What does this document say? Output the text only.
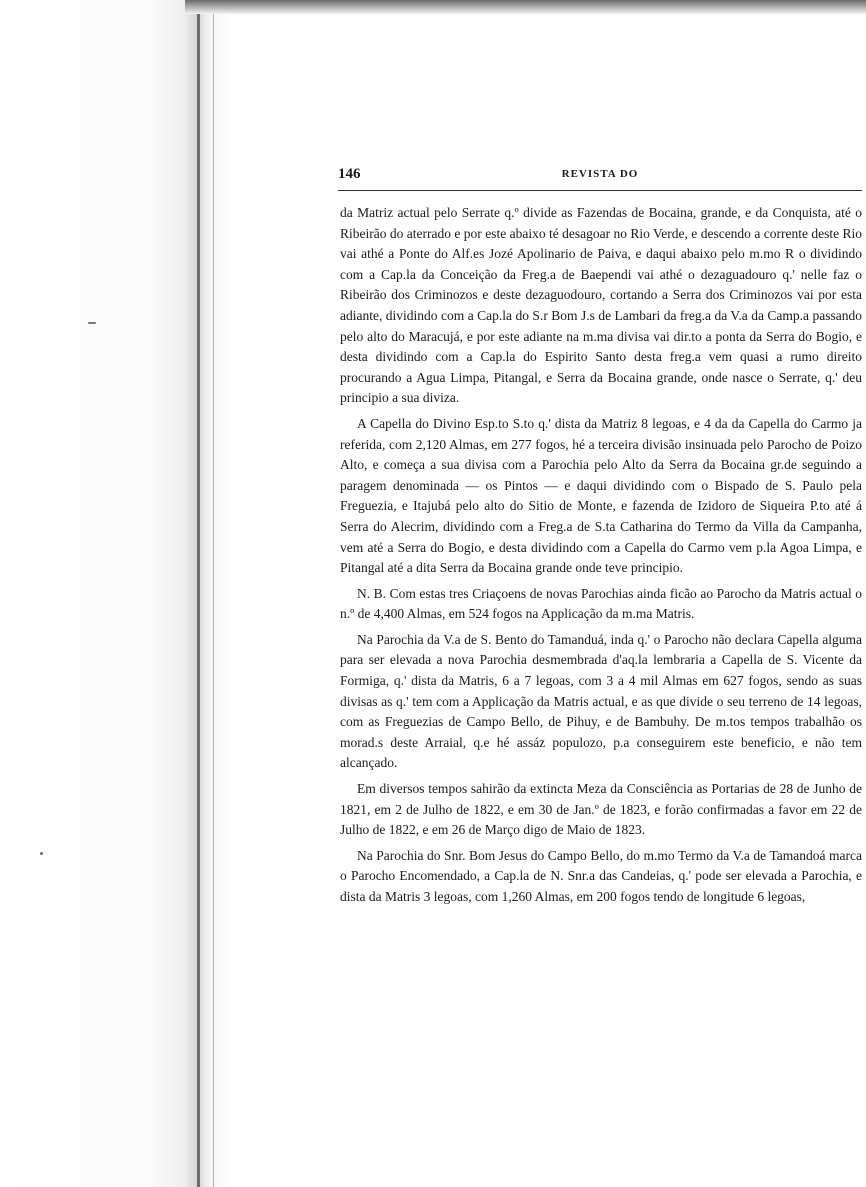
146	REVISTA DO

da Matriz actual pelo Serrate q.º divide as Fazendas de Bocaina, grande, e da Conquista, até o Ribeirão do aterrado e por este abaixo té desagoar no Rio Verde, e descendo a corrente deste Rio vai athé a Ponte do Alf.es Jozé Apolinario de Paiva, e daqui abaixo pelo m.mo R o dividindo com a Cap.la da Conceição da Freg.a de Baependi vai athé o dezaguadouro q.' nelle faz o Ribeirão dos Criminozos e deste dezaguodouro, cortando a Serra dos Criminozos vai por esta adiante, dividindo com a Cap.la do S.r Bom J.s de Lambari da freg.a da V.a da Camp.a passando pelo alto do Maracujá, e por este adiante na m.ma divisa vai dir.to a ponta da Serra do Bogio, e desta dividindo com a Cap.la do Espirito Santo desta freg.a vem quasi a rumo direito procurando a Agua Limpa, Pitangal, e Serra da Bocaina grande, onde nasce o Serrate, q.' deu principio a sua diviza.

A Capella do Divino Esp.to S.to q.' dista da Matriz 8 legoas, e 4 da da Capella do Carmo ja referida, com 2,120 Almas, em 277 fogos, hé a terceira divisão insinuada pelo Parocho de Poizo Alto, e começa a sua divisa com a Parochia pelo Alto da Serra da Bocaina gr.de seguindo a paragem denominada — os Pintos — e daqui dividindo com o Bispado de S. Paulo pela Freguezia, e Itajubá pelo alto do Sitio de Monte, e fazenda de Izidoro de Siqueira P.to até á Serra do Alecrim, dividindo com a Freg.a de S.ta Catharina do Termo da Villa da Campanha, vem até a Serra do Bogio, e desta dividindo com a Capella do Carmo vem p.la Agoa Limpa, e Pitangal até a dita Serra da Bocaina grande onde teve principio.

N. B. Com estas tres Criaçoens de novas Parochias ainda ficão ao Parocho da Matris actual o n.º de 4,400 Almas, em 524 fogos na Applicação da m.ma Matris.

Na Parochia da V.a de S. Bento do Tamanduá, inda q.' o Parocho não declara Capella alguma para ser elevada a nova Parochia desmembrada d'aq.la lembraria a Capella de S. Vicente da Formiga, q.' dista da Matris, 6 a 7 legoas, com 3 a 4 mil Almas em 627 fogos, sendo as suas divisas as q.' tem com a Applicação da Matris actual, e as que divide o seu terreno de 14 legoas, com as Freguezias de Campo Bello, de Pihuy, e de Bambuhy. De m.tos tempos trabalhão os morad.s deste Arraial, q.e hé assáz populozo, p.a conseguirem este beneficio, e não tem alcançado.

Em diversos tempos sahirão da extincta Meza da Consciência as Portarias de 28 de Junho de 1821, em 2 de Julho de 1822, e em 30 de Jan.º de 1823, e forão confirmadas a favor em 22 de Julho de 1822, e em 26 de Março digo de Maio de 1823.

Na Parochia do Snr. Bom Jesus do Campo Bello, do m.mo Termo da V.a de Tamandoá marca o Parocho Encomendado, a Cap.la de N. Snr.a das Candeias, q.' pode ser elevada a Parochia, e dista da Matris 3 legoas, com 1,260 Almas, em 200 fogos tendo de longitude 6 legoas,
